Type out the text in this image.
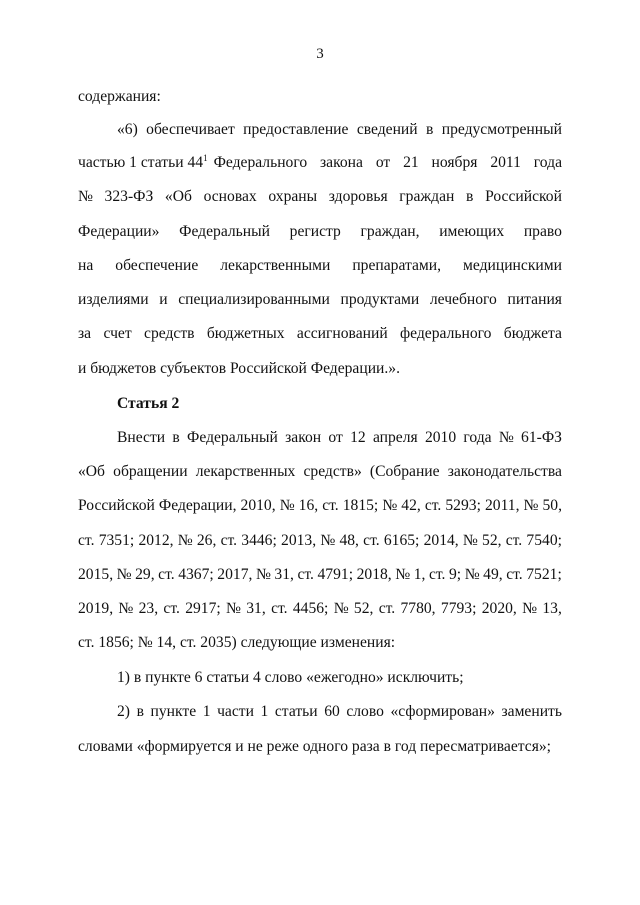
3
содержания:
«6) обеспечивает предоставление сведений в предусмотренный
частью 1 статьи $44^1$ Федерального закона от 21 ноября 2011 года
№ 323-ФЗ «Об основах охраны здоровья граждан в Российской
Федерации» Федеральный регистр граждан, имеющих право
на обеспечение лекарственными препаратами, медицинскими
изделиями и специализированными продуктами лечебного питания
за счет средств бюджетных ассигнований федерального бюджета
и бюджетов субъектов Российской Федерации.».
Статья 2
Внести в Федеральный закон от 12 апреля 2010 года № 61-ФЗ
«Об обращении лекарственных средств» (Собрание законодательства
Российской Федерации, 2010, № 16, ст. 1815; № 42, ст. 5293; 2011, № 50,
ст. 7351; 2012, № 26, ст. 3446; 2013, № 48, ст. 6165; 2014, № 52, ст. 7540;
2015, № 29, ст. 4367; 2017, № 31, ст. 4791; 2018, № 1, ст. 9; № 49, ст. 7521;
2019, № 23, ст. 2917; № 31, ст. 4456; № 52, ст. 7780, 7793; 2020, № 13,
ст. 1856; № 14, ст. 2035) следующие изменения:
1) в пункте 6 статьи 4 слово «ежегодно» исключить;
2) в пункте 1 части 1 статьи 60 слово «сформирован» заменить
словами «формируется и не реже одного раза в год пересматривается»;
